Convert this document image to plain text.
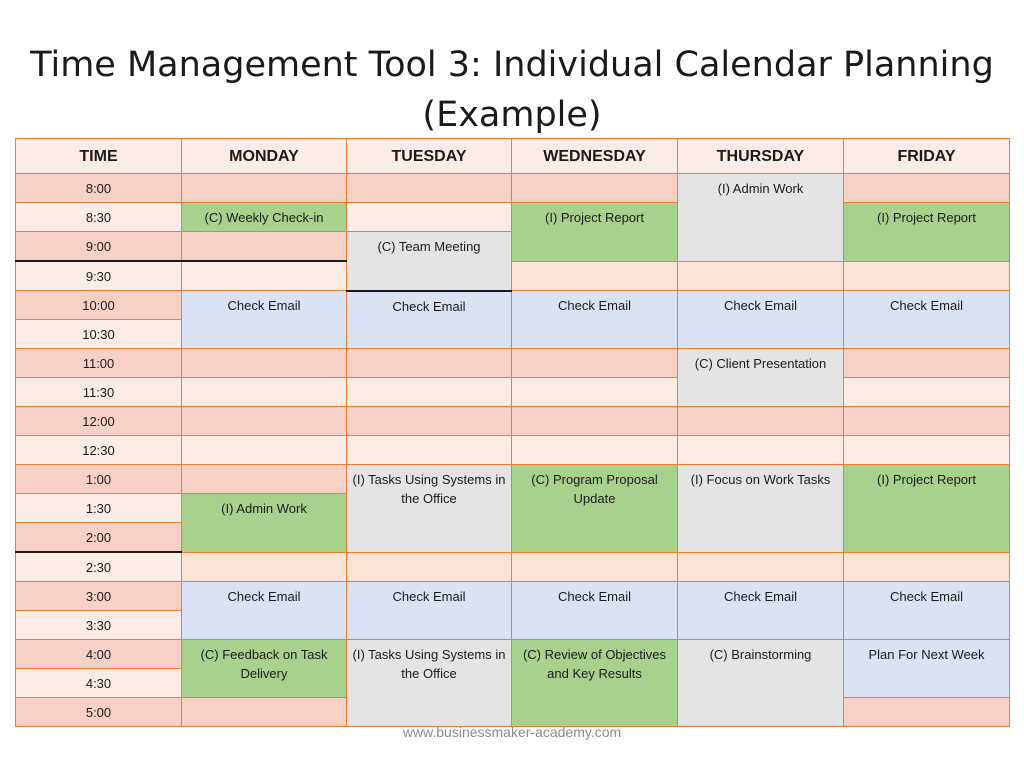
Time Management Tool 3: Individual Calendar Planning
(Example)
TIME	MONDAY	TUESDAY	WEDNESDAY	THURSDAY	FRIDAY

8:00				(I) Admin Work	

8:30	(C) Weekly Check-in		(I) Project Report		(I) Project Report

9:00		(C) Team Meeting			

9:30					

10:00	Check Email	Check Email	Check Email	Check Email	Check Email

10:30					

11:00				(C) Client Presentation	

11:30					

12:00					

12:30					

1:00		(I) Tasks Using Systems in the Office	(C) Program Proposal Update	(I) Focus on Work Tasks	(I) Project Report

1:30	(I) Admin Work				

2:00					

2:30					

3:00	Check Email	Check Email	Check Email	Check Email	Check Email

3:30					

4:00	(C) Feedback on Task Delivery	(I) Tasks Using Systems in the Office	(C) Review of Objectives and Key Results	(C) Brainstorming	Plan For Next Week

4:30					

5:00					

www.businessmaker-academy.com
